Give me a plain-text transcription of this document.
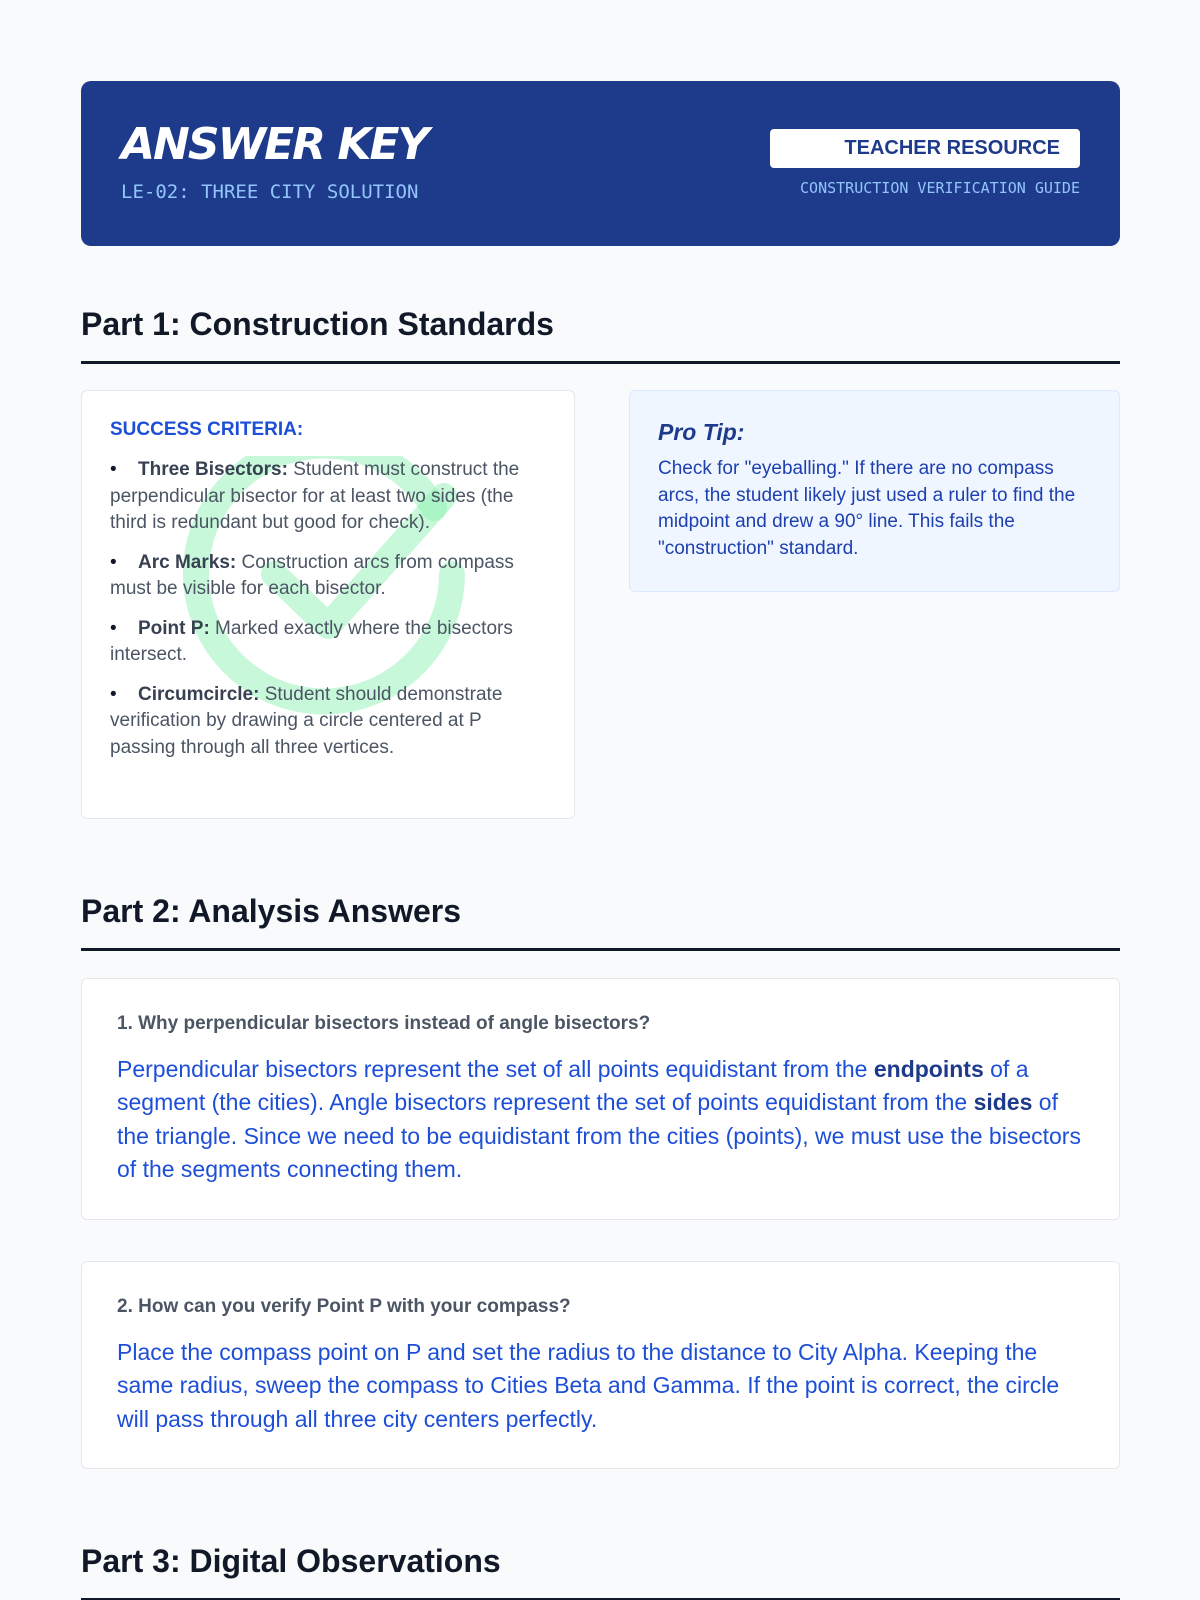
ANSWER KEY
LE-02: THREE CITY SOLUTION
TEACHER RESOURCE
CONSTRUCTION VERIFICATION GUIDE
Part 1: Construction Standards
SUCCESS CRITERIA:
• Three Bisectors: Student must construct the perpendicular bisector for at least two sides (the third is redundant but good for check).
• Arc Marks: Construction arcs from compass must be visible for each bisector.
• Point P: Marked exactly where the bisectors intersect.
• Circumcircle: Student should demonstrate verification by drawing a circle centered at P passing through all three vertices.
Pro Tip:
Check for "eyeballing." If there are no compass arcs, the student likely just used a ruler to find the midpoint and drew a 90° line. This fails the "construction" standard.
Part 2: Analysis Answers
1. Why perpendicular bisectors instead of angle bisectors?
Perpendicular bisectors represent the set of all points equidistant from the endpoints of a segment (the cities). Angle bisectors represent the set of points equidistant from the sides of the triangle. Since we need to be equidistant from the cities (points), we must use the bisectors of the segments connecting them.
2. How can you verify Point P with your compass?
Place the compass point on P and set the radius to the distance to City Alpha. Keeping the same radius, sweep the compass to Cities Beta and Gamma. If the point is correct, the circle will pass through all three city centers perfectly.
Part 3: Digital Observations
